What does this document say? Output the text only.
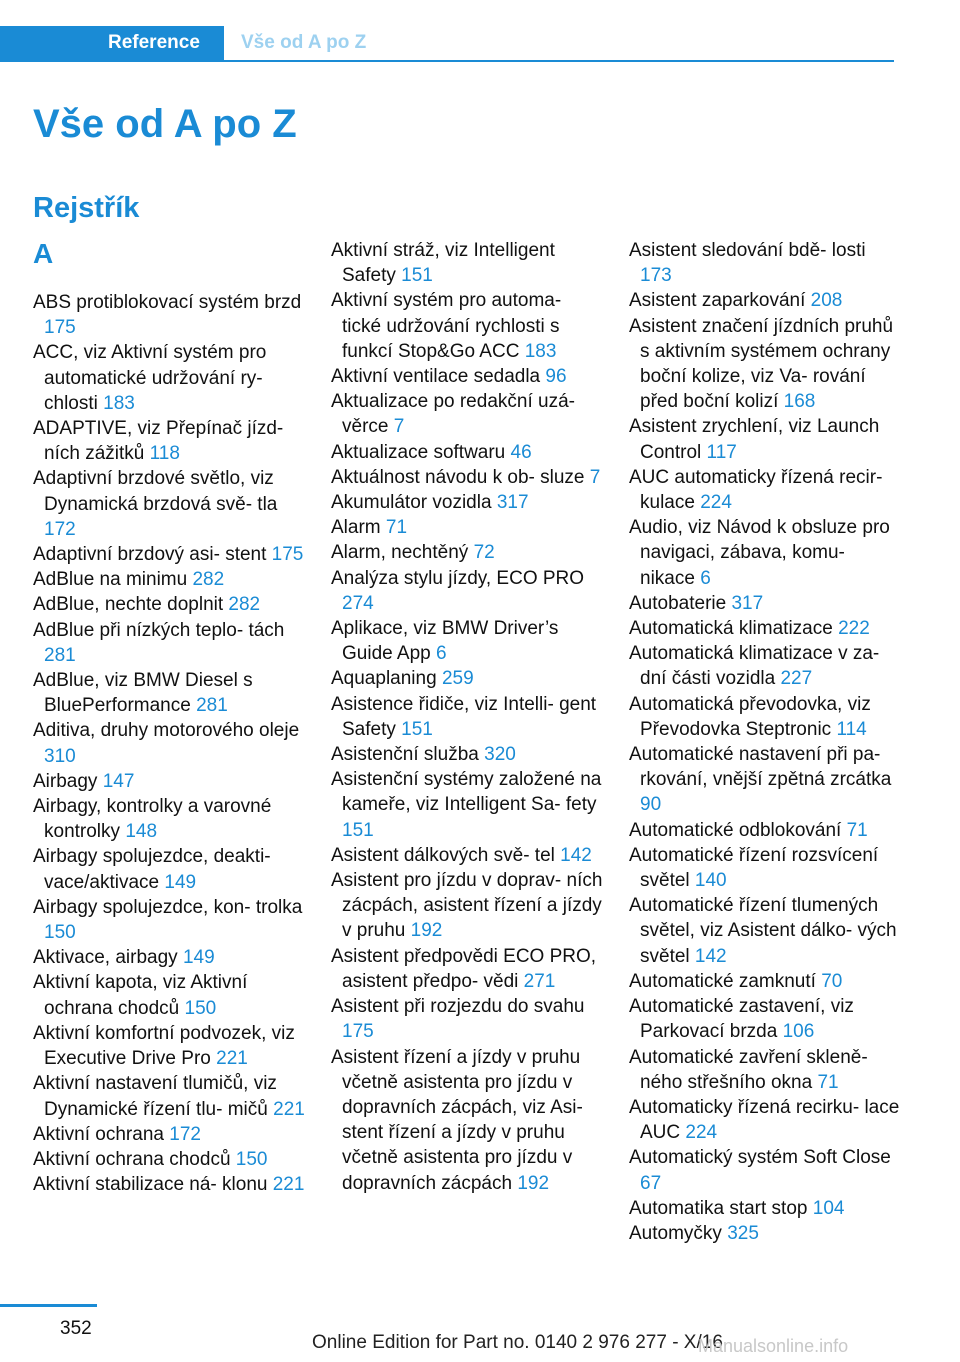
Reference Vše od A po Z
Vše od A po Z
Rejstřík
A
ABS protiblokovací systém brzd 175
ACC, viz Aktivní systém pro automatické udržování ry‐ chlosti 183
ADAPTIVE, viz Přepínač jízd‐ ních zážitků 118
Adaptivní brzdové světlo, viz Dynamická brzdová svě‐ tla 172
Adaptivní brzdový asi‐ stent 175
AdBlue na minimu 282
AdBlue, nechte doplnit 282
AdBlue při nízkých teplo‐ tách 281
AdBlue, viz BMW Diesel s BluePerformance 281
Aditiva, druhy motorového oleje 310
Airbagy 147
Airbagy, kontrolky a varovné kontrolky 148
Airbagy spolujezdce, deakti‐ vace/aktivace 149
Airbagy spolujezdce, kon‐ trolka 150
Aktivace, airbagy 149
Aktivní kapota, viz Aktivní ochrana chodců 150
Aktivní komfortní podvozek, viz Executive Drive Pro 221
Aktivní nastavení tlumičů, viz Dynamické řízení tlu‐ mičů 221
Aktivní ochrana 172
Aktivní ochrana chodců 150
Aktivní stabilizace ná‐ klonu 221
Aktivní stráž, viz Intelligent Safety 151
Aktivní systém pro automa‐ tické udržování rychlosti s funkcí Stop&Go ACC 183
Aktivní ventilace sedadla 96
Aktualizace po redakční uzá‐ věrce 7
Aktualizace softwaru 46
Aktuálnost návodu k ob‐ sluze 7
Akumulátor vozidla 317
Alarm 71
Alarm, nechtěný 72
Analýza stylu jízdy, ECO PRO 274
Aplikace, viz BMW Driver’s Guide App 6
Aquaplaning 259
Asistence řidiče, viz Intelli‐ gent Safety 151
Asistenční služba 320
Asistenční systémy založené na kameře, viz Intelligent Sa‐ fety 151
Asistent dálkových svě‐ tel 142
Asistent pro jízdu v doprav‐ ních zácpách, asistent řízení a jízdy v pruhu 192
Asistent předpovědi ECO PRO, asistent předpo‐ vědi 271
Asistent při rozjezdu do svahu 175
Asistent řízení a jízdy v pruhu včetně asistenta pro jízdu v dopravních zácpách, viz Asi‐ stent řízení a jízdy v pruhu včetně asistenta pro jízdu v dopravních zácpách 192
Asistent sledování bdě‐ losti 173
Asistent zaparkování 208
Asistent značení jízdních pruhů s aktivním systémem ochrany boční kolize, viz Va‐ rování před boční kolizí 168
Asistent zrychlení, viz Launch Control 117
AUC automaticky řízená recir‐ kulace 224
Audio, viz Návod k obsluze pro navigaci, zábava, komu‐ nikace 6
Autobaterie 317
Automatická klimatizace 222
Automatická klimatizace v za‐ dní části vozidla 227
Automatická převodovka, viz Převodovka Steptronic 114
Automatické nastavení při pa‐ rkování, vnější zpětná zrcátka 90
Automatické odblokování 71
Automatické řízení rozsvícení světel 140
Automatické řízení tlumených světel, viz Asistent dálko‐ vých světel 142
Automatické zamknutí 70
Automatické zastavení, viz Parkovací brzda 106
Automatické zavření skleně‐ ného střešního okna 71
Automaticky řízená recirku‐ lace AUC 224
Automatický systém Soft Close 67
Automatika start stop 104
Automyčky 325
352
Online Edition for Part no. 0140 2 976 277 - X/16
Manualsonline.info
